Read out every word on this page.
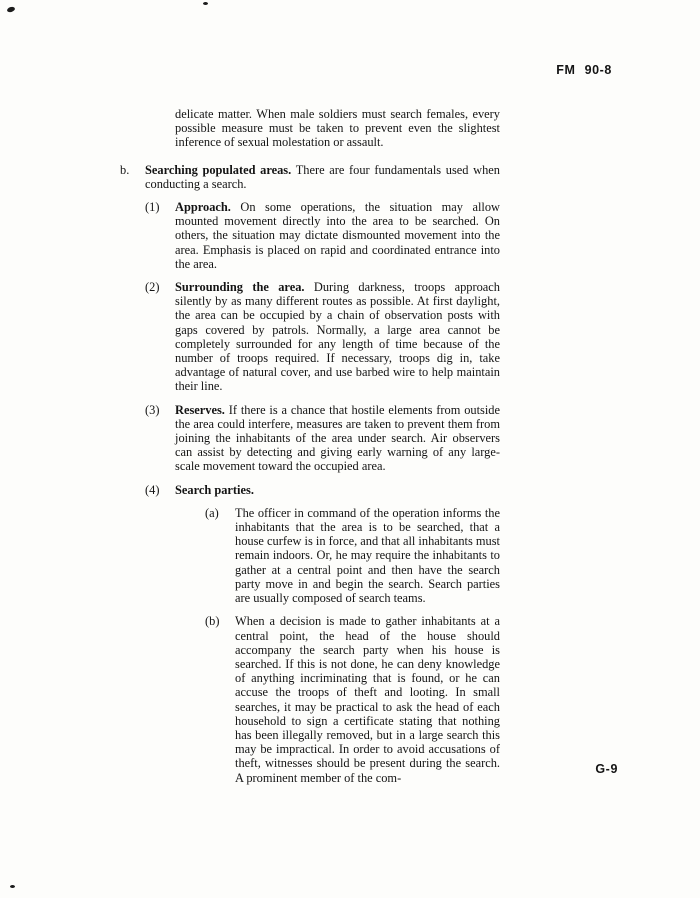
FM 90-8

delicate matter. When male soldiers must search females, every possible measure must be taken to prevent even the slightest inference of sexual molestation or assault.

b.	Searching populated areas. There are four fundamentals used when conducting a search.

(1)	Approach. On some operations, the situation may allow mounted movement directly into the area to be searched. On others, the situation may dictate dismounted movement into the area. Emphasis is placed on rapid and coordinated entrance into the area.

(2)	Surrounding the area. During darkness, troops approach silently by as many different routes as possible. At first daylight, the area can be occupied by a chain of observation posts with gaps covered by patrols. Normally, a large area cannot be completely surrounded for any length of time because of the number of troops required. If necessary, troops dig in, take advantage of natural cover, and use barbed wire to help maintain their line.

(3)	Reserves. If there is a chance that hostile elements from outside the area could interfere, measures are taken to prevent them from joining the inhabitants of the area under search. Air observers can assist by detecting and giving early warning of any large-scale movement toward the occupied area.

(4)	Search parties.

(a)	The officer in command of the operation informs the inhabitants that the area is to be searched, that a house curfew is in force, and that all inhabitants must remain indoors. Or, he may require the inhabitants to gather at a central point and then have the search party move in and begin the search. Search parties are usually composed of search teams.

(b)	When a decision is made to gather inhabitants at a central point, the head of the house should accompany the search party when his house is searched. If this is not done, he can deny knowledge of anything incriminating that is found, or he can accuse the troops of theft and looting. In small searches, it may be practical to ask the head of each household to sign a certificate stating that nothing has been illegally removed, but in a large search this may be impractical. In order to avoid accusations of theft, witnesses should be present during the search. A prominent member of the com-

G-9
